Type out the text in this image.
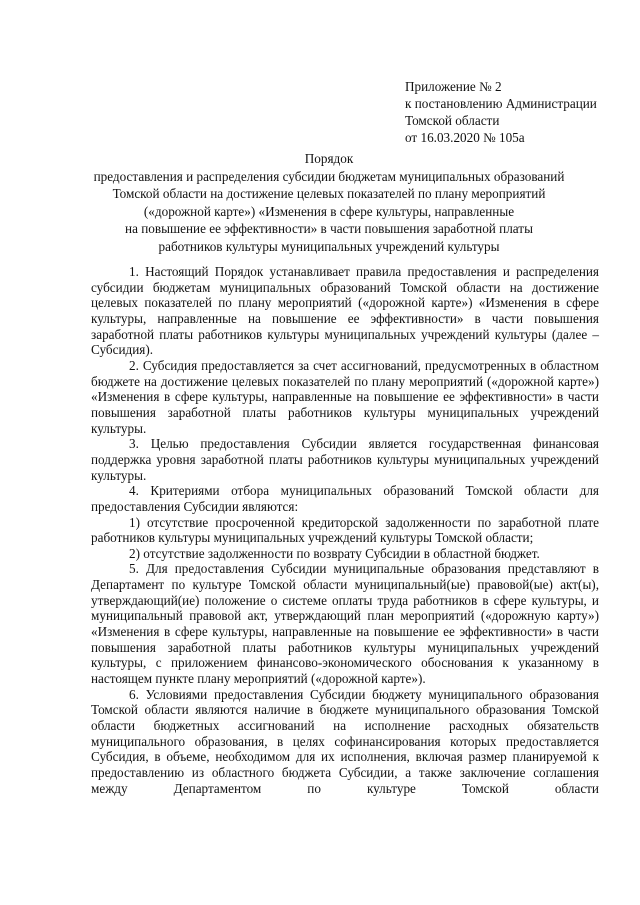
Приложение № 2
к постановлению Администрации
Томской области
от 16.03.2020 № 105а
Порядок
предоставления и распределения субсидии бюджетам муниципальных образований
Томской области на достижение целевых показателей по плану мероприятий
(«дорожной карте») «Изменения в сфере культуры, направленные
на повышение ее эффективности» в части повышения заработной платы
работников культуры муниципальных учреждений культуры

1. Настоящий Порядок устанавливает правила предоставления и распределения субсидии бюджетам муниципальных образований Томской области на достижение целевых показателей по плану мероприятий («дорожной карте») «Изменения в сфере культуры, направленные на повышение ее эффективности» в части повышения заработной платы работников культуры муниципальных учреждений культуры (далее – Субсидия).

2. Субсидия предоставляется за счет ассигнований, предусмотренных в областном бюджете на достижение целевых показателей по плану мероприятий («дорожной карте») «Изменения в сфере культуры, направленные на повышение ее эффективности» в части повышения заработной платы работников культуры муниципальных учреждений культуры.

3. Целью предоставления Субсидии является государственная финансовая поддержка уровня заработной платы работников культуры муниципальных учреждений культуры.

4. Критериями отбора муниципальных образований Томской области для предоставления Субсидии являются:

1) отсутствие просроченной кредиторской задолженности по заработной плате работников культуры муниципальных учреждений культуры Томской области;

2) отсутствие задолженности по возврату Субсидии в областной бюджет.

5. Для предоставления Субсидии муниципальные образования представляют в Департамент по культуре Томской области муниципальный(ые) правовой(ые) акт(ы), утверждающий(ие) положение о системе оплаты труда работников в сфере культуры, и муниципальный правовой акт, утверждающий план мероприятий («дорожную карту») «Изменения в сфере культуры, направленные на повышение ее эффективности» в части повышения заработной платы работников культуры муниципальных учреждений культуры, с приложением финансово-экономического обоснования к указанному в настоящем пункте плану мероприятий («дорожной карте»).

6. Условиями предоставления Субсидии бюджету муниципального образования Томской области являются наличие в бюджете муниципального образования Томской области бюджетных ассигнований на исполнение расходных обязательств муниципального образования, в целях софинансирования которых предоставляется Субсидия, в объеме, необходимом для их исполнения, включая размер планируемой к предоставлению из областного бюджета Субсидии, а также заключение соглашения между Департаментом по культуре Томской области
